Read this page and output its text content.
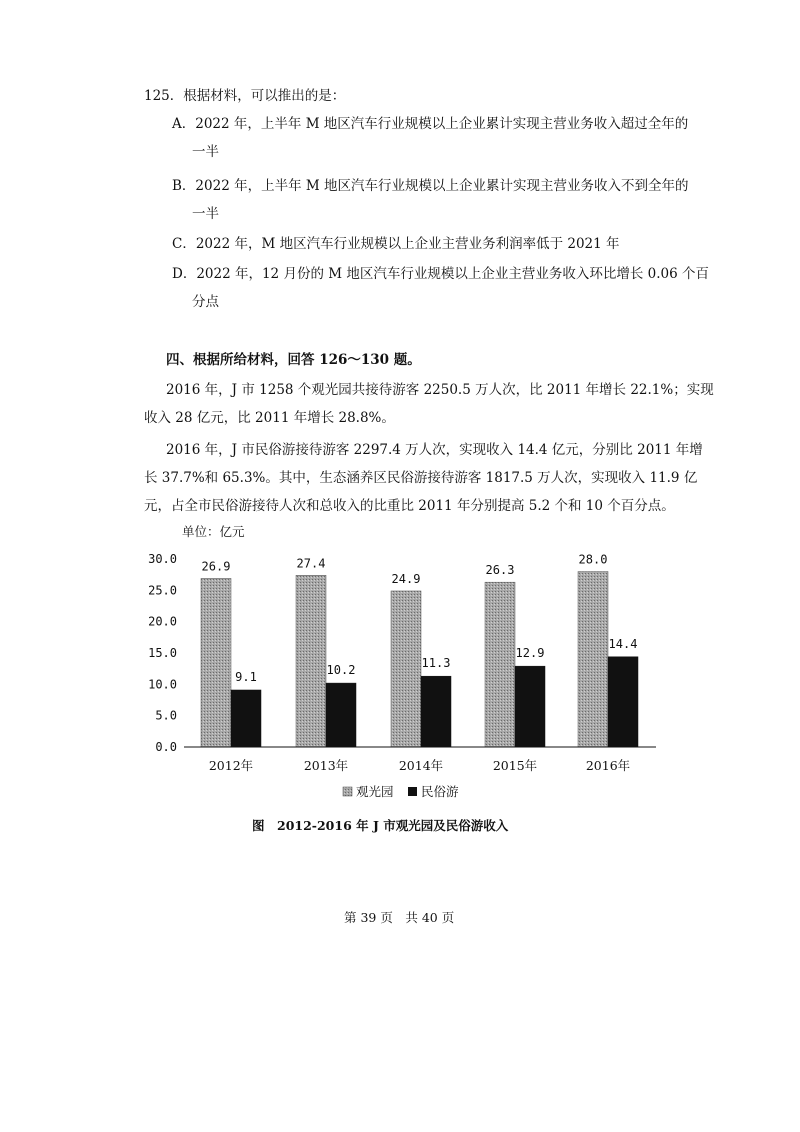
125．根据材料，可以推出的是：
A．2022 年，上半年 M 地区汽车行业规模以上企业累计实现主营业务收入超过全年的
一半
B．2022 年，上半年 M 地区汽车行业规模以上企业累计实现主营业务收入不到全年的
一半
C．2022 年，M 地区汽车行业规模以上企业主营业务利润率低于 2021 年
D．2022 年，12 月份的 M 地区汽车行业规模以上企业主营业务收入环比增长 0.06 个百
分点
四、根据所给材料，回答 126～130 题。
2016 年，J 市 1258 个观光园共接待游客 2250.5 万人次，比 2011 年增长 22.1%；实现
收入 28 亿元，比 2011 年增长 28.8%。
2016 年，J 市民俗游接待游客 2297.4 万人次，实现收入 14.4 亿元，分别比 2011 年增
长 37.7%和 65.3%。其中，生态涵养区民俗游接待游客 1817.5 万人次，实现收入 11.9 亿
元，占全市民俗游接待人次和总收入的比重比 2011 年分别提高 5.2 个和 10 个百分点。
单位：亿元
0.0
5.0
10.0
15.0
20.0
25.0
30.0
26.9
9.1
27.4
10.2
24.9
11.3
26.3
12.9
28.0
14.4
2012年	2013年	2014年	2015年	2016年
观光园 民俗游
图　2012-2016 年 J 市观光园及民俗游收入
第 39 页　共 40 页
